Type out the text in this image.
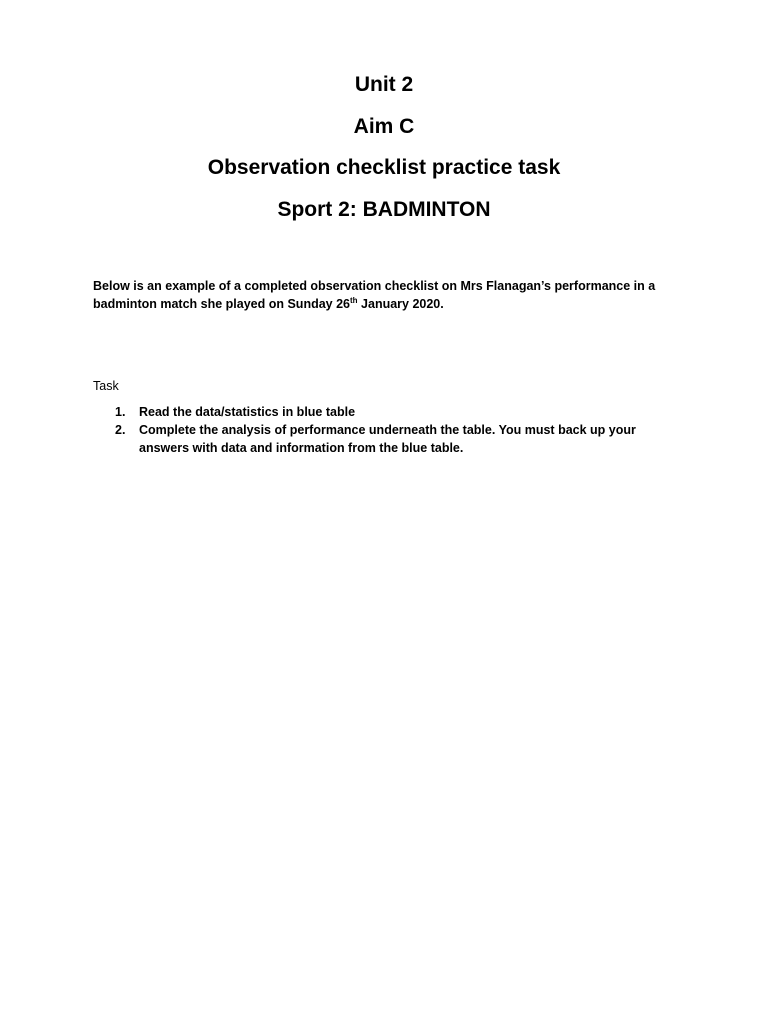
Unit 2
Aim C
Observation checklist practice task
Sport 2: BADMINTON

Below is an example of a completed observation checklist on Mrs Flanagan’s performance in a badminton match she played on Sunday 26th January 2020.

Task

1. Read the data/statistics in blue table
2. Complete the analysis of performance underneath the table. You must back up your answers with data and information from the blue table.
